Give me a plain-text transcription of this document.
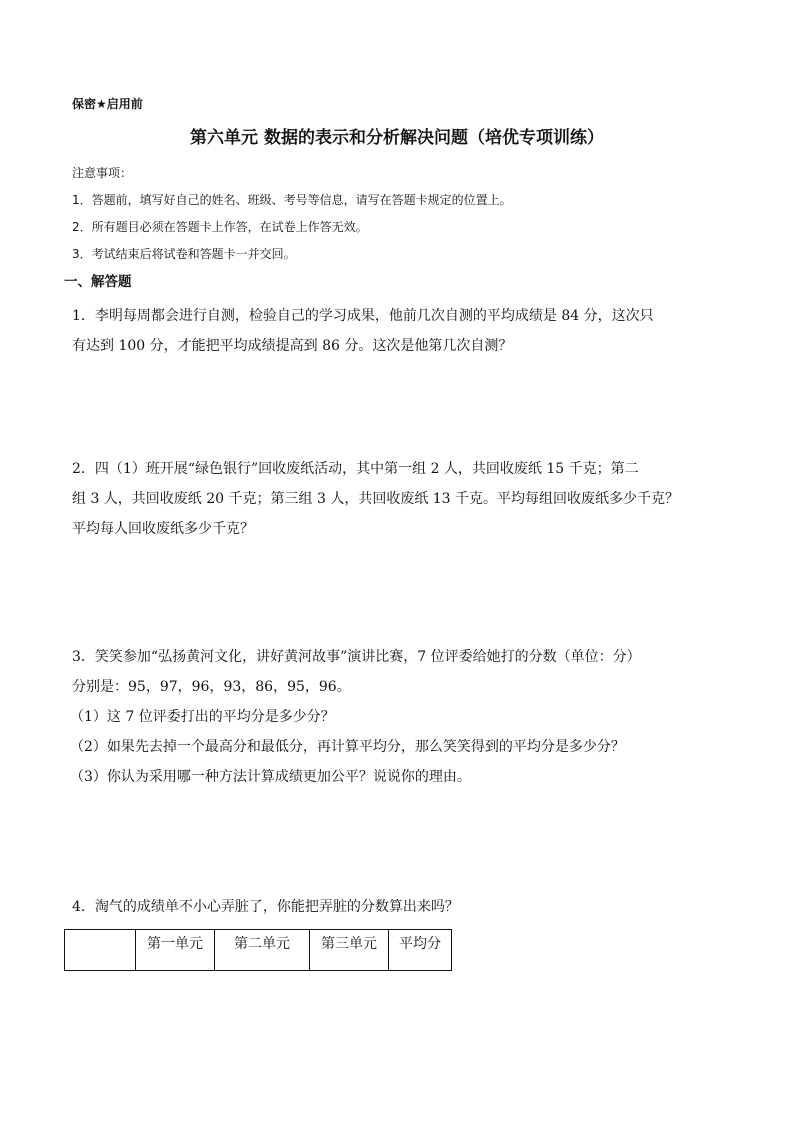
保密★启用前
第六单元 数据的表示和分析解决问题（培优专项训练）
注意事项：
1．答题前，填写好自己的姓名、班级、考号等信息，请写在答题卡规定的位置上。
2．所有题目必须在答题卡上作答，在试卷上作答无效。
3．考试结束后将试卷和答题卡一并交回。
一、解答题
1．李明每周都会进行自测，检验自己的学习成果，他前几次自测的平均成绩是 84 分，这次只
有达到 100 分，才能把平均成绩提高到 86 分。这次是他第几次自测？
2．四（1）班开展“绿色银行”回收废纸活动，其中第一组 2 人，共回收废纸 15 千克；第二
组 3 人，共回收废纸 20 千克；第三组 3 人，共回收废纸 13 千克。平均每组回收废纸多少千克？
平均每人回收废纸多少千克？
3．笑笑参加“弘扬黄河文化，讲好黄河故事”演讲比赛，7 位评委给她打的分数（单位：分）
分别是：95，97，96，93，86，95，96。
（1）这 7 位评委打出的平均分是多少分？
（2）如果先去掉一个最高分和最低分，再计算平均分，那么笑笑得到的平均分是多少分？
（3）你认为采用哪一种方法计算成绩更加公平？说说你的理由。
4．淘气的成绩单不小心弄脏了，你能把弄脏的分数算出来吗？
	第一单元	第二单元	第三单元	平均分
